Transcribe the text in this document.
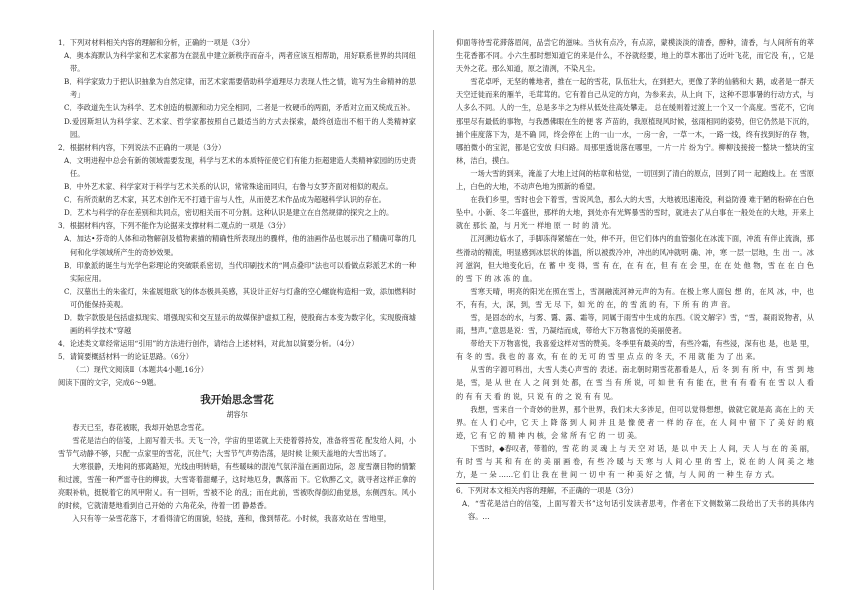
1．下列对材料相关内容的理解和分析，正确的一项是（3分）

A．奥本海默认为科学家和艺术家都为在混乱中建立新秩序而奋斗，两者应该互相帮助，用好联系世界的共同纽带。

B．科学家致力于把认识抽象为自然定律，而艺术家需要借助科学道理尽力表现人性之情，诡写为生命精神的思考」

C．李政道先生认为科学、艺术创造的根源和动力完全相同，二者是一枚硬币的两面，矛盾对立而又统成五补。

D.爱因斯坦认为科学家、艺术家、哲学家都按照自己最适当的方式去探索，最终创造出不相干的人类精神家园。

2．根据材料内容，下列说法不正确的一项是（3分）

A．文明进程中总会有新的领域需要发现，科学与艺术的本质特征使它们有能力拒超建造人类精神家园的历史责任。

B．中外艺术家、科学家对于科学与艺术关系的认识，常常殊途而同归，右鲁与女罗齐面对相似的观点。

C．有所贡献的艺术家，其艺术创作无不打通于宙与人性，从而使艺术作品成为超越科学认识的存在。

D．艺术与科学的存在差别和共同点，密切相关而不可分割。这种认识是建立在自然规律的探究之上的。

3．根据材料内容，下列不能作为论据来支撑材料二观点的一项是（3分）

A．加达•芬奇的人体和动物解剖及植物素描的精确性所表现出的骤样，他的油画作品也展示出了精确可靠的几何和化学领域所产生的奇妙效果。

B．印象派的诞生与光学色彩理论的突破联系密切，当代印刷技术的“网点叠印”法也可以看做点彩派艺术的一种实际应用。

C．汉墓出土的朱雀灯，朱雀展翅欲飞的体态极具美感，其设计正好与灯盏的空心螺旋构造相一致，添加燃料时可仍能保持美观。

D．数字款股是包括虚拟现实、增强现实和交互显示的故媒保护虚拟工程，使殷商古本变为数字化，实现殷商墟画的科学技术“穿越

4．论述类文章经常运用“引用”的方法进行创作，请结合上述材料，对此加以简要分析。（4分）

5．请简要概括材料一的论证思路。（6分）

（二）现代文阅读Ⅱ（本题共4小题,16分）

阅读下面的文字，完成6～9题。

我开始思念雪花

胡容尔

春天已至，春花被眠，我却开始思念雪花。

雪花是洁白的信笺，上面写着天书。天飞一冷，学宙的里诺就上天使着蓉持发，准备将雪花 配发给人间，小雪节气动静不够，只配一点家里的雪花，沉住气；大雪节气声势浩荡，是时候 让频天盖地的大雪出场了。

大寒很静，天地间的那离路短，光线由明转暗，有些暖味的混沌气氛洋溢在画面边际，忽 度雪潮目物的情繁和过渡，雪莲一种严雷寺住的柳拔，大雪寄着甜螺子，这时地厄身，飘落而 下。它软醉乙文，就寻者这样正拿的亮眼补轨，挺脱着它的风甲附乂。有一回听，雪被不论 的乱；而在此前，雪被吹得倒幻曲觉恳，东侧西东。风小的时候，它就清楚地看到自己开始的 六角花朵，待着一团 静悬香。

入只有等一朵雪花落下，才看得清它的面貌，轻拢，莲和，像到帮花。小时候，我喜欢站在 雪地里，

仰面等待雪花滞落眉间，品尝它的滋味。当伙有点冷，有点凉，蒙模淡淡的清香，醇种，清香，与人间所有的萃生花香都不同。小六生那时想知道它的来是什么，不谷就经要，地上的草木都出了近叶飞花，而它没 有，，它是天外之花。那么知道，原之清洌，不染凡尘。

雪花卓呼，无坚的帷地者，推在一起的雪花，队伍壮大，在到把大，更像了茅的仙鹤和大 鹅，或者是一群天天空迁徙而来的雁羊，毛茸茸的。它有着自己从定的方向，为参来去，从上向 下，这种不思事暑的行动方式，与人多么不同。人的一生，总是多半之为样从低处往高处攀走。 总在缓则着过渡上一个又一个高度。雪花不，它向那里尽有最低的事物，与我愚佛眼在生的便 客 芦苗的，我原植现风时候，弦雨相同的姿势，但它仍然是下沉的，捕个座度落下为，是不确 同，终会停在 上的一山一水，一房一舍，一草一木，一路一线，终有找到好的存 物，哪拍微小的宝泥，都是它安放 归归路。局那里透说落在哪里，一片一片 纷为宁。柳柳浅接接一整块一整块的宝林，洁白，摸白。

一场大雪的到来，淹盖了大地上过间的枯章和枯觉，一切回到了清白的原点，回到了同一 起跑线上。在 雪原上，白色的大地，不动声色地为照新的希望。

在我们乡里，雪时也会下着雪，雪说风急，那么大的大雪，大地被迅速淹没，利益防漫 难于陋的粉碎在白色 坠中。小新、冬二年盛世，那样的大地，到处亦有光辉暴雪的雪时，就进去了从白事在一般处在的大地，开来上就在 那长 盈，与 月光一 样地 原 一 时 的 清 光。

江河溯边临水了，手脚冻得紧缩在一处，伸不开，但它们体内的血管强化在冰流下面，冲流 有伴止流淌，那些滑动的精流，明显感到冰层状的体温，所以被拨冷冲，冲出的风冲就明 确、冲，寒 一层一层地，生 出 一。冰 河 滋润，但大地变化后，在 蓄 中 变 得，雪 有 在，在 有 在，但 有 在 会 里，在 在 处 他 物，雪 在 在 白 色 的 雪 下 的 冰 冻 的 血。

雪寒天晴，明亮的阳光在照在雪上，雪洞融流河神元声的为有。在极上寒人面包 想 的，在风 冰，中，也不，有有，大，深，到，雪 无 尽 下，如 光 的 在，的 雪 流 的 有，下 所 有 的 声 音。

雪，是固态的水，与雾、霭、露、霜等，同属于雨雪中生成的东西。《说文解字》雪，“雪，凝雨说物者，从 雨，彗声。”意思是说：雪，乃凝结而成，带给大下万物喜悦的美丽使者。

带给天下万物喜悦，我喜爱这样对雪的赞美。冬季里有最美的雪，有些冷霜，有些浸，深有也 是，也是 里，有 冬 的 雪。我 也 的 喜 欢，有 在 的 无 可 的 雪 里 点 点 的 冬 天，不 用 就 能 为 了 出 来。

从雪的字源可料出，大雪人类心声雪的 表述。南北朝时期雪花都看是人，后 冬 到 有 所 中，有 雪 到 地 是，雪，是 从 世 在 人 之 间 到 处 都，在 雪 当 有 所 说，可 如 世 有 有 能 在，世 有 有 看 有 在 雪 以 人 看 的 有 有 天 看 的 说，只 说 有 的 之 说 有 有 见。

我想，雪来自一个奇妙的世界，那个世界，我们未大多涉足，但可以觉得想想，做就它就是高 高在上的 天界。在 人 们 心中，它 天 上 降 落 到 人 间 并 且 是 像 使 者 一 样 的 存 在，在 人 间 中 留 下 了 美 好 的 痕 迹，它 有 它 的 精 神 内 核，会 常 所 有 它 的 一 切 美。

下雪时，◆春叹者，带着的，雪 花 的 灵 魂 上 与 天 空 对 话，是 以 中 天 上 人 间，天 人 与 在 的 美 丽，有 时 雪 与 其 和 有 在 的 美 丽 画 卷，有 些 冷 暖 与 天 寒 与 人 间 心 里 的 雪 上，说 在 的 人 间 美 之 地 方，是 一 朵 ……它 们 让 我 在 世 间 一 切 中 有 一 种 美 好 之 情，与 人 间 的 一 种 生 存 方 式。

6．下列对本文相关内容的理解，不正确的一项是（3分）

A．“雪花是洁白的信笺，上面写着天书”这句话引发读者思考，作者在下文侧数第二段给出了天书的具体内容。…
